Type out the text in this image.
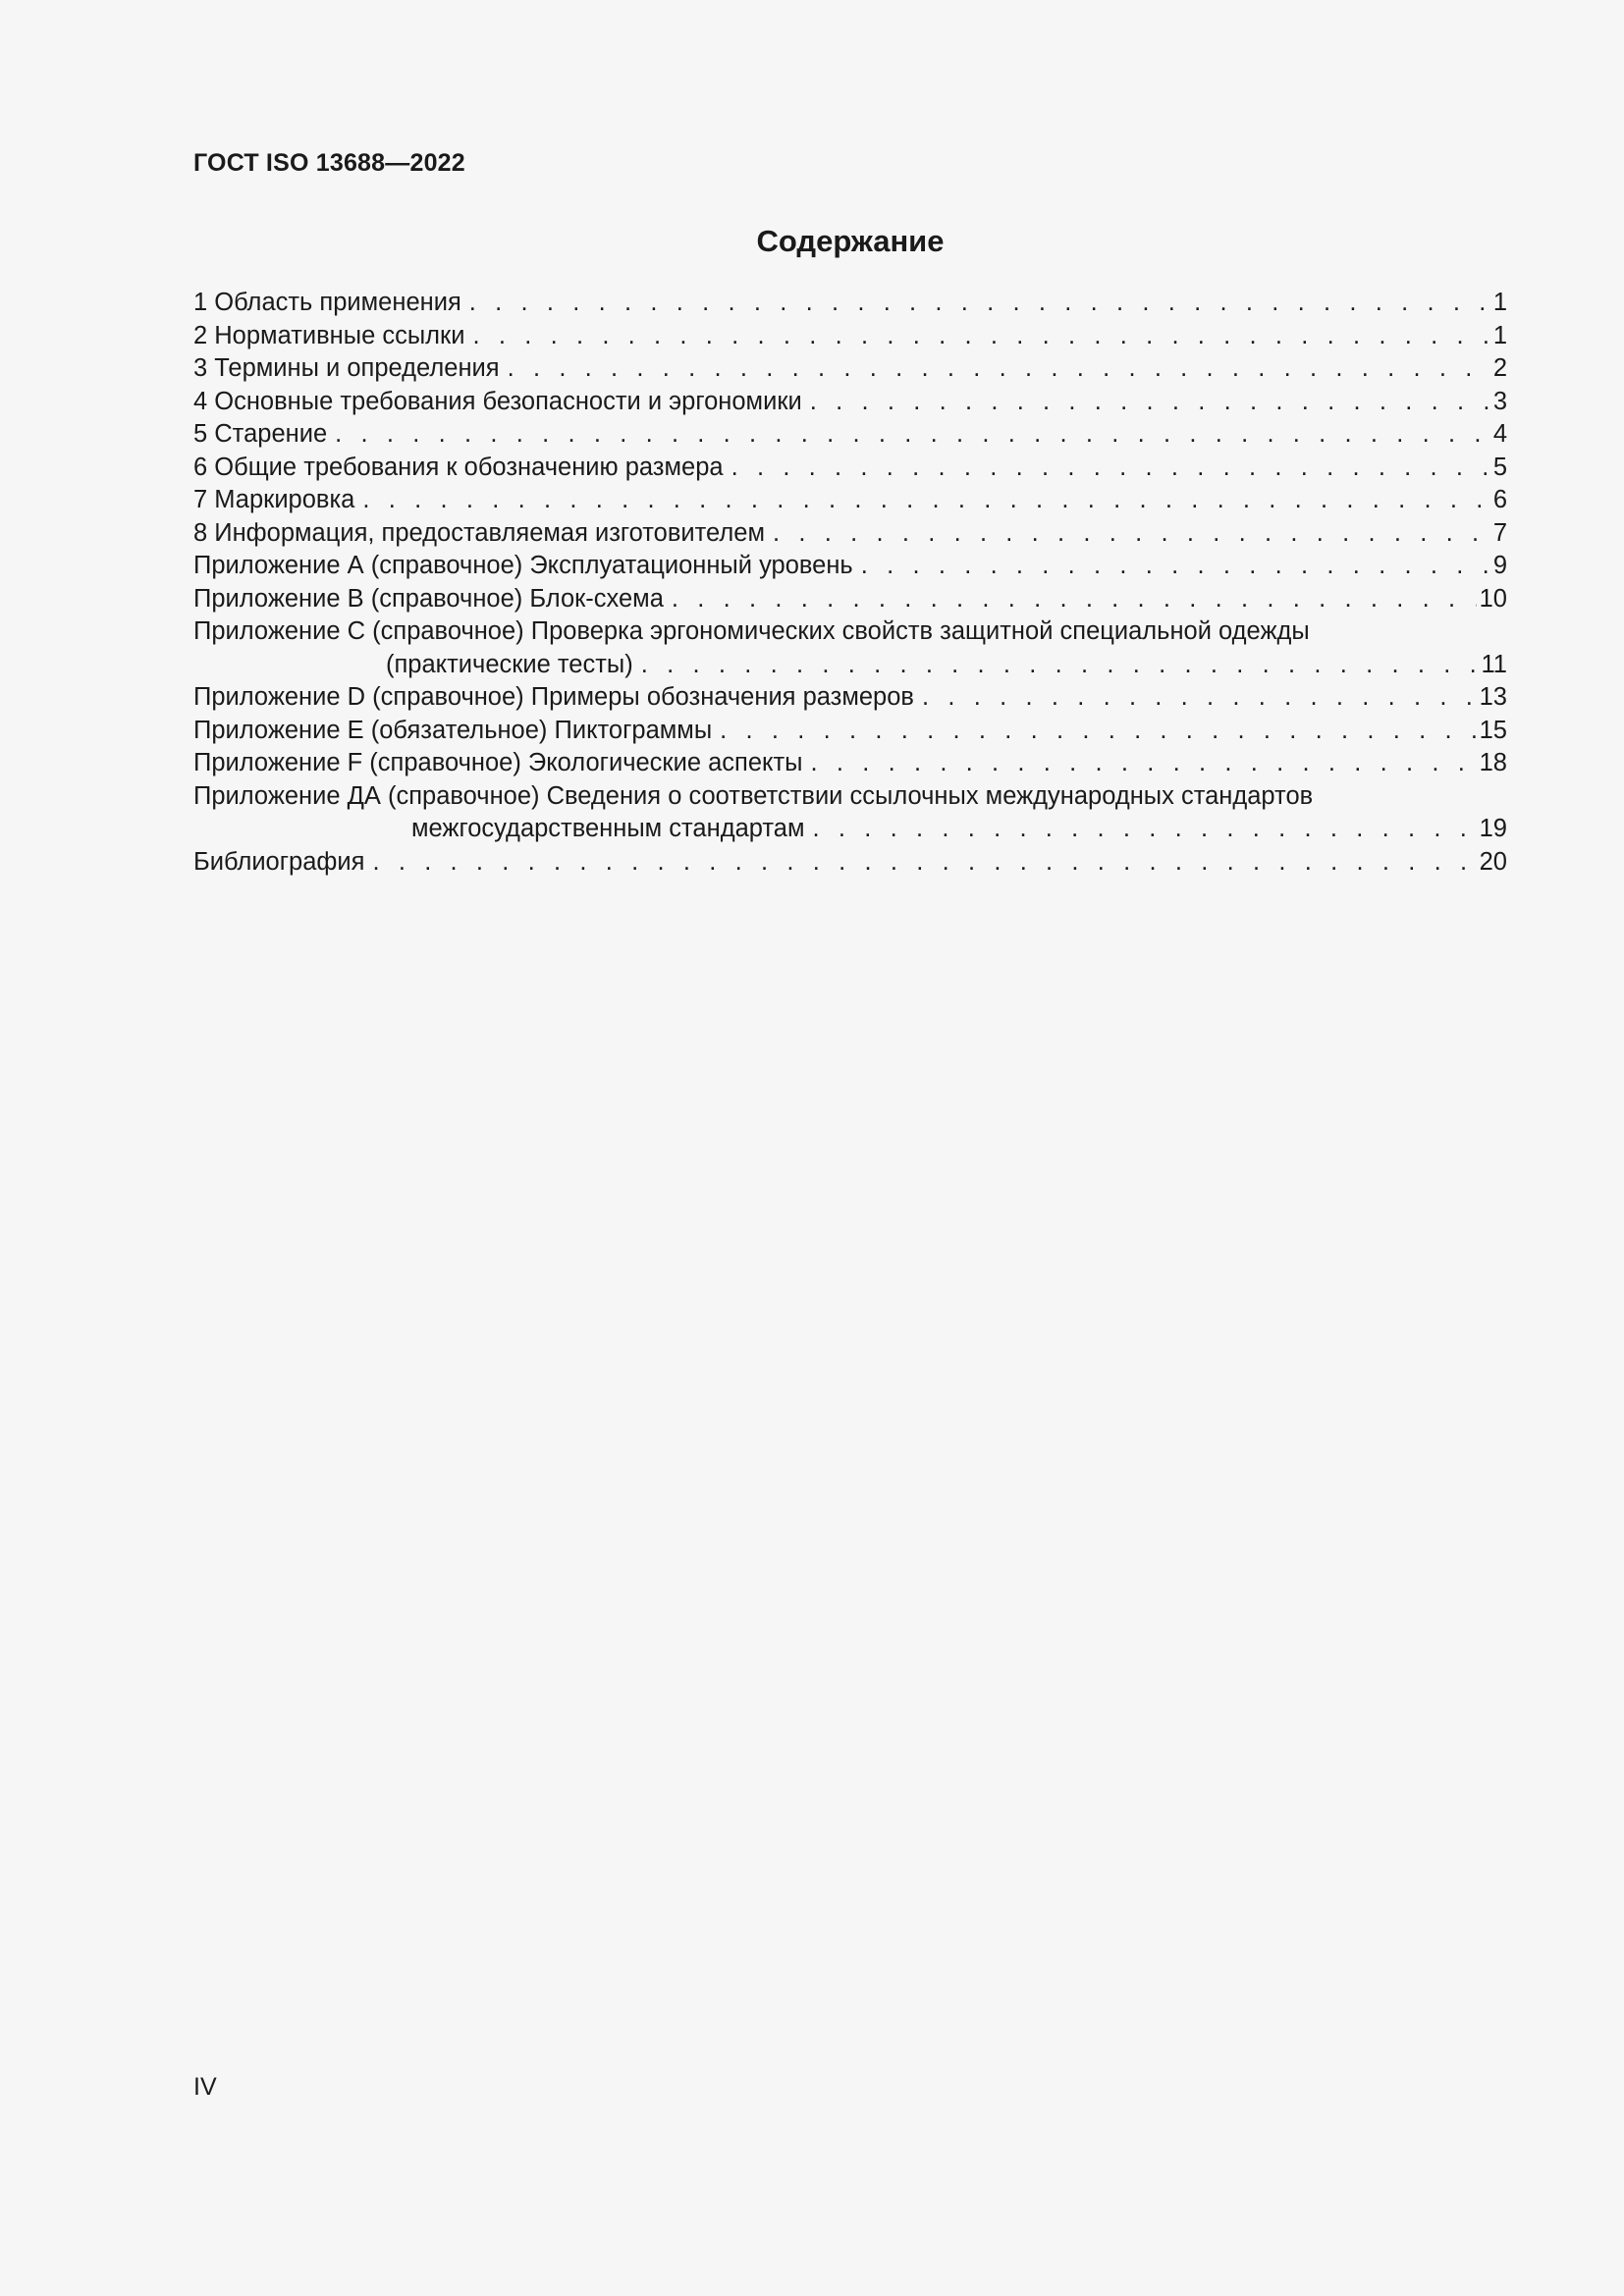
ГОСТ ISO 13688—2022
Содержание
1 Область применения . . .	1
2 Нормативные ссылки . . .	1
3 Термины и определения . . .	2
4 Основные требования безопасности и эргономики . . .	3
5 Старение . . .	4
6 Общие требования к обозначению размера . . .	5
7 Маркировка . . .	6
8 Информация, предоставляемая изготовителем . . .	7
Приложение А (справочное) Эксплуатационный уровень . . .	9
Приложение В (справочное) Блок-схема . . .	10
Приложение С (справочное) Проверка эргономических свойств защитной специальной одежды
(практические тесты) . . .	11
Приложение D (справочное) Примеры обозначения размеров . . .	13
Приложение Е (обязательное) Пиктограммы . . .	15
Приложение F (справочное) Экологические аспекты . . .	18
Приложение ДА (справочное) Сведения о соответствии ссылочных международных стандартов
межгосударственным стандартам . . .	19
Библиография . . .	20
IV
